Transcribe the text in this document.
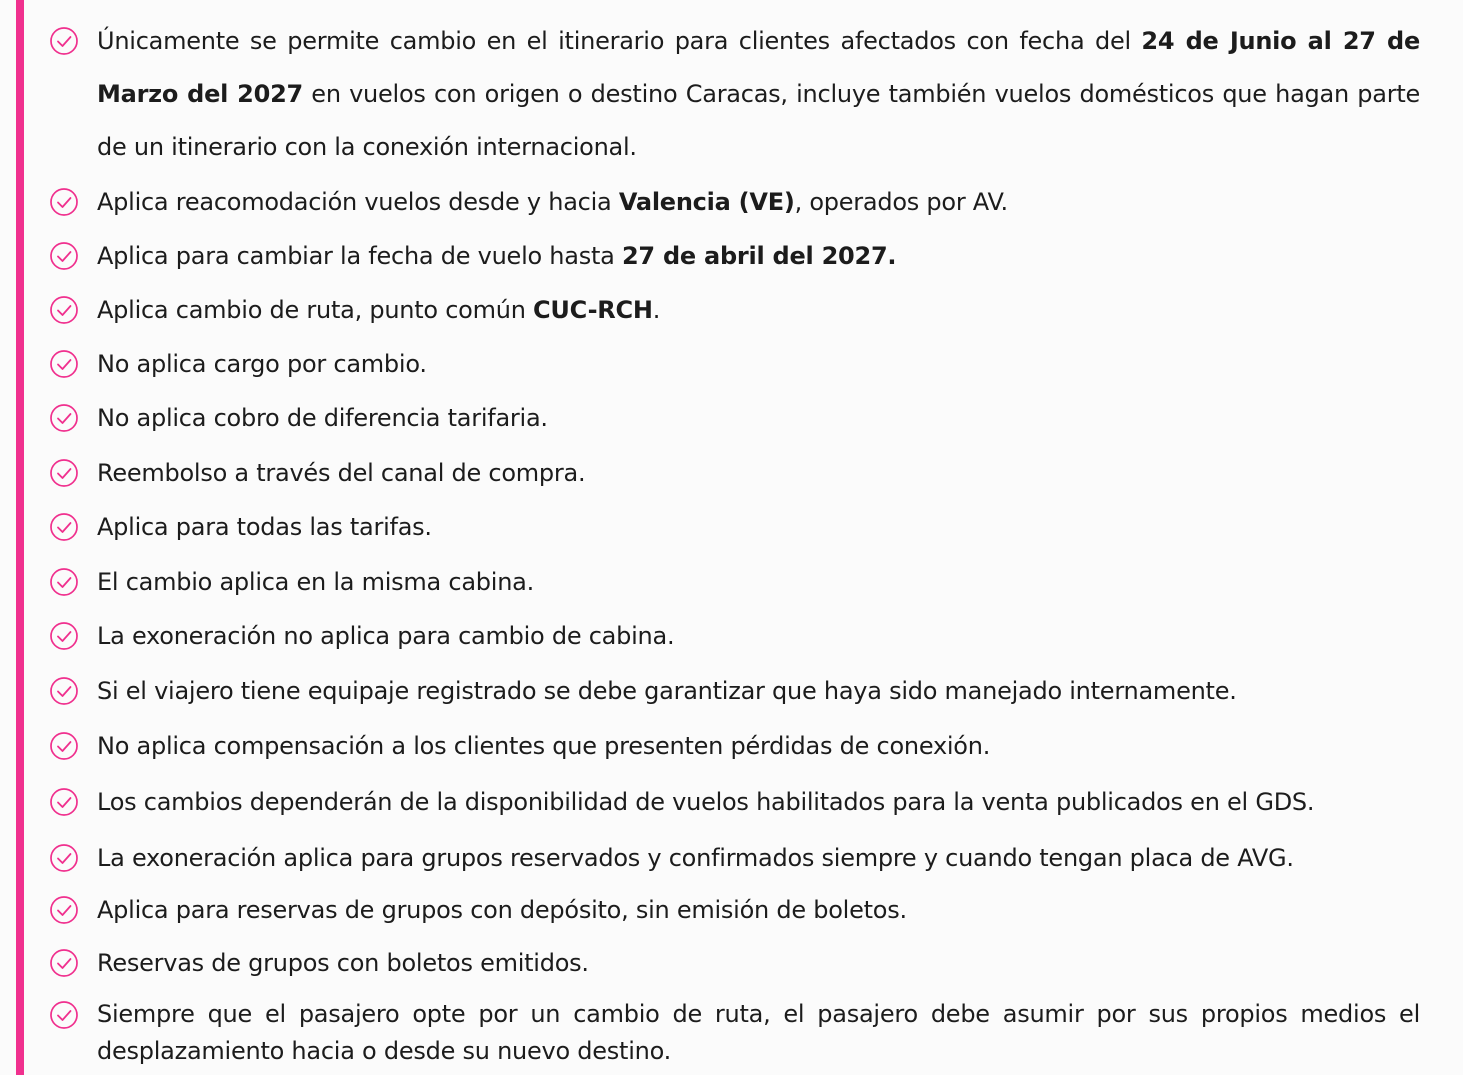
Únicamente se permite cambio en el itinerario para clientes afectados con fecha del 24 de Junio al 27 de Marzo del 2027 en vuelos con origen o destino Caracas, incluye también vuelos domésticos que hagan parte de un itinerario con la conexión internacional.
Aplica reacomodación vuelos desde y hacia Valencia (VE), operados por AV.
Aplica para cambiar la fecha de vuelo hasta 27 de abril del 2027.
Aplica cambio de ruta, punto común CUC-RCH.
No aplica cargo por cambio.
No aplica cobro de diferencia tarifaria.
Reembolso a través del canal de compra.
Aplica para todas las tarifas.
El cambio aplica en la misma cabina.
La exoneración no aplica para cambio de cabina.
Si el viajero tiene equipaje registrado se debe garantizar que haya sido manejado internamente.
No aplica compensación a los clientes que presenten pérdidas de conexión.
Los cambios dependerán de la disponibilidad de vuelos habilitados para la venta publicados en el GDS.
La exoneración aplica para grupos reservados y confirmados siempre y cuando tengan placa de AVG.
Aplica para reservas de grupos con depósito, sin emisión de boletos.
Reservas de grupos con boletos emitidos.
Siempre que el pasajero opte por un cambio de ruta, el pasajero debe asumir por sus propios medios el desplazamiento hacia o desde su nuevo destino.
